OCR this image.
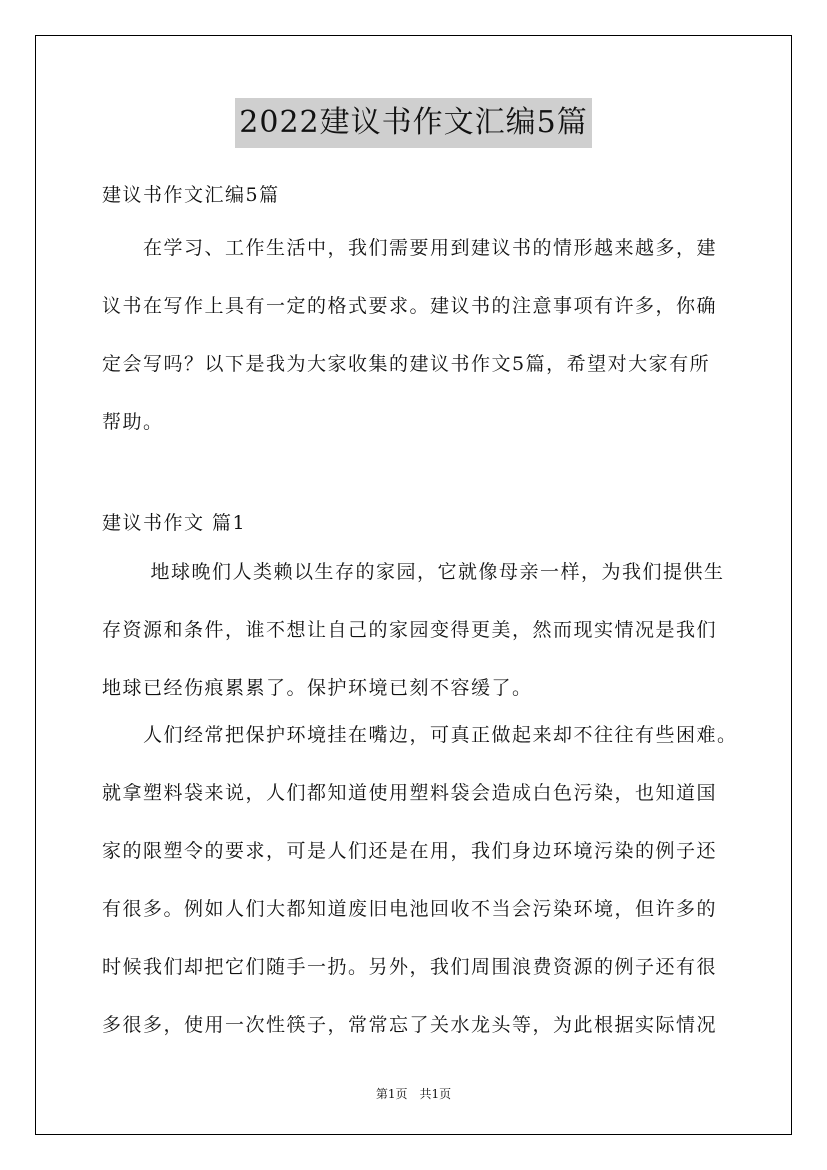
2022建议书作文汇编5篇
建议书作文汇编5篇
　　在学习、工作生活中，我们需要用到建议书的情形越来越多，建
议书在写作上具有一定的格式要求。建议书的注意事项有许多，你确
定会写吗？以下是我为大家收集的建议书作文5篇，希望对大家有所
帮助。
建议书作文 篇1
　　 地球晚们人类赖以生存的家园，它就像母亲一样，为我们提供生
存资源和条件，谁不想让自己的家园变得更美，然而现实情况是我们
地球已经伤痕累累了。保护环境已刻不容缓了。
　　人们经常把保护环境挂在嘴边，可真正做起来却不往往有些困难。
就拿塑料袋来说，人们都知道使用塑料袋会造成白色污染，也知道国
家的限塑令的要求，可是人们还是在用，我们身边环境污染的例子还
有很多。例如人们大都知道废旧电池回收不当会污染环境，但许多的
时候我们却把它们随手一扔。另外，我们周围浪费资源的例子还有很
多很多，使用一次性筷子，常常忘了关水龙头等，为此根据实际情况
第1页　共1页
